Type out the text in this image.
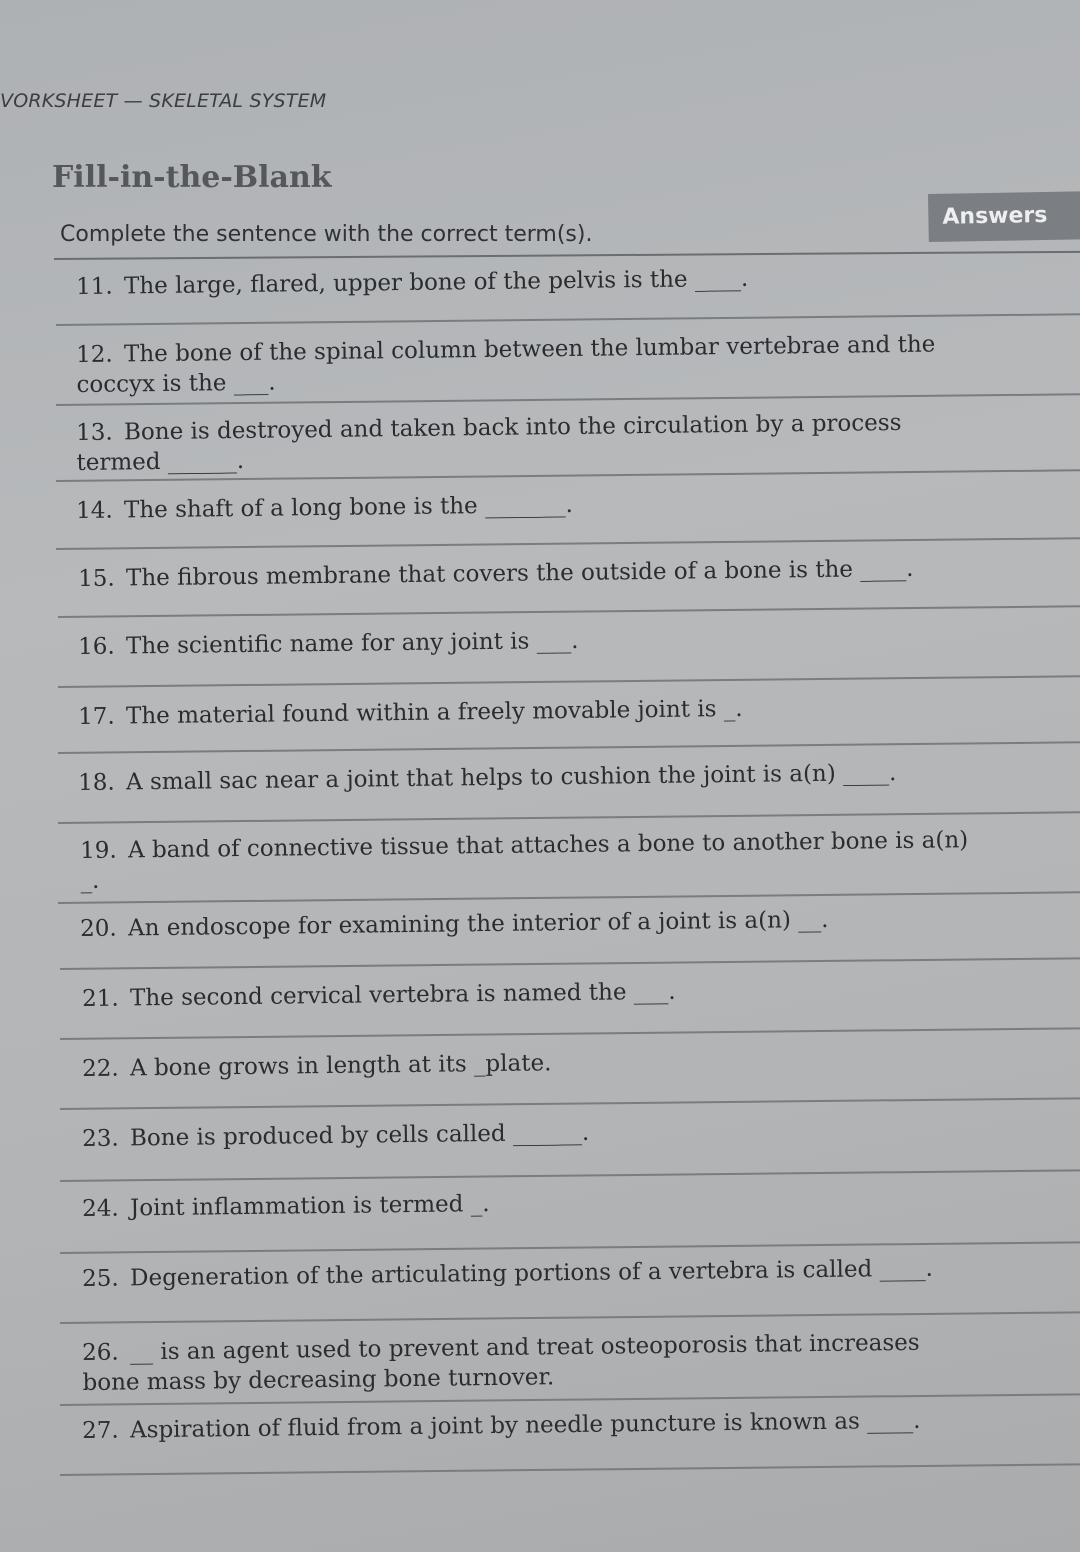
VORKSHEET — SKELETAL SYSTEM
Fill-in-the-Blank
Complete the sentence with the correct term(s).
Answers
11. The large, flared, upper bone of the pelvis is the ____.
12. The bone of the spinal column between the lumbar vertebrae and the coccyx is the ___.
13. Bone is destroyed and taken back into the circulation by a process termed ______.
14. The shaft of a long bone is the _______.
15. The fibrous membrane that covers the outside of a bone is the ____.
16. The scientific name for any joint is ___.
17. The material found within a freely movable joint is _.
18. A small sac near a joint that helps to cushion the joint is a(n) ____.
19. A band of connective tissue that attaches a bone to another bone is a(n) _.
20. An endoscope for examining the interior of a joint is a(n) __.
21. The second cervical vertebra is named the ___.
22. A bone grows in length at its _plate.
23. Bone is produced by cells called ______.
24. Joint inflammation is termed _.
25. Degeneration of the articulating portions of a vertebra is called ____.
26. __ is an agent used to prevent and treat osteoporosis that increases bone mass by decreasing bone turnover.
27. Aspiration of fluid from a joint by needle puncture is known as ____.
